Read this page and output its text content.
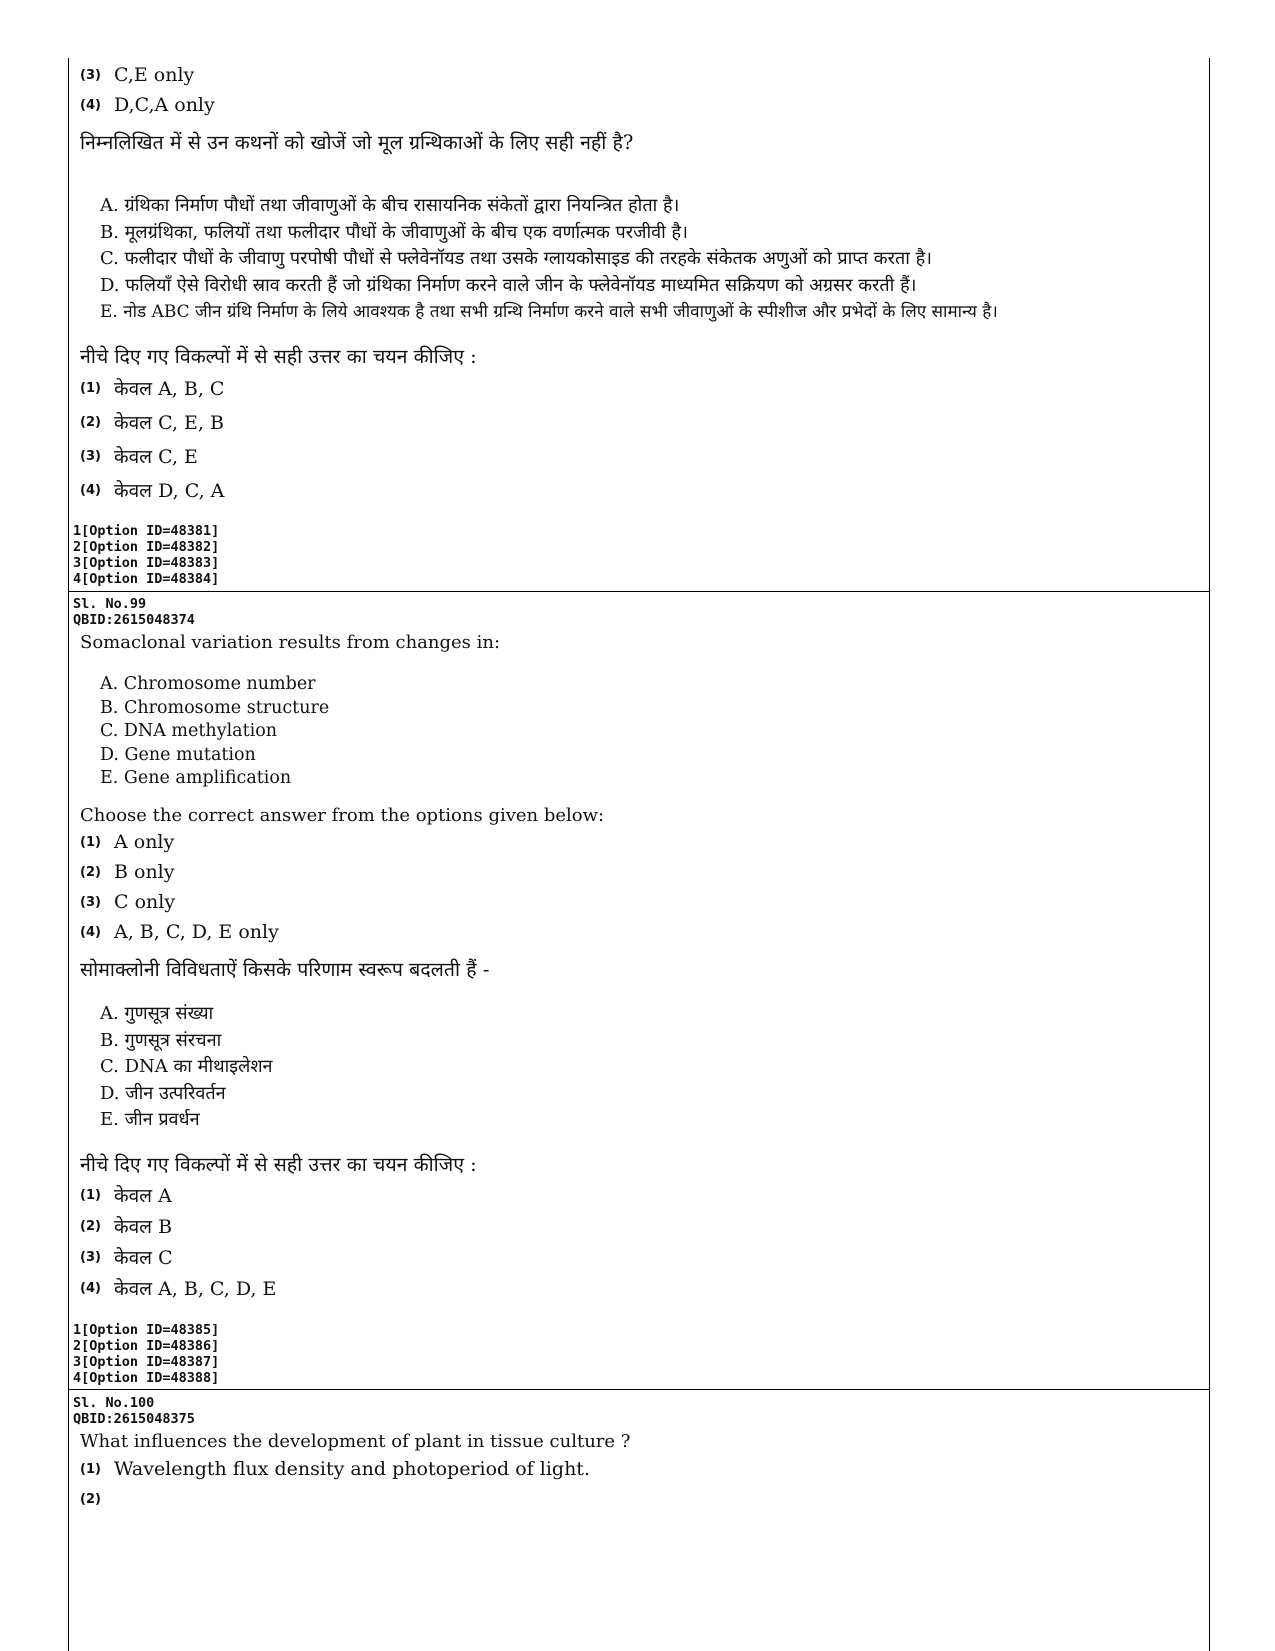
(3) C,E only
(4) D,C,A only
निम्नलिखित में से उन कथनों को खोजें जो मूल ग्रन्थिकाओं के लिए सही नहीं है?
A. ग्रंथिका निर्माण पौधों तथा जीवाणुओं के बीच रासायनिक संकेतों द्वारा नियन्त्रित होता है।
B. मूलग्रंथिका, फलियों तथा फलीदार पौधों के जीवाणुओं के बीच एक वर्णात्मक परजीवी है।
C. फलीदार पौधों के जीवाणु परपोषी पौधों से फ्लेवेनॉयड तथा उसके ग्लायकोसाइड की तरहके संकेतक अणुओं को प्राप्त करता है।
D. फलियाँ ऐसे विरोधी स्राव करती हैं जो ग्रंथिका निर्माण करने वाले जीन के फ्लेवेनॉयड माध्यमित सक्रियण को अग्रसर करती हैं।
E. नोड ABC जीन ग्रंथि निर्माण के लिये आवश्यक है तथा सभी ग्रन्थि निर्माण करने वाले सभी जीवाणुओं के स्पीशीज और प्रभेदों के लिए सामान्य है।
नीचे दिए गए विकल्पों में से सही उत्तर का चयन कीजिए :
(1) केवल A, B, C
(2) केवल C, E, B
(3) केवल C, E
(4) केवल D, C, A
1[Option ID=48381]
2[Option ID=48382]
3[Option ID=48383]
4[Option ID=48384]
Sl. No.99
QBID:2615048374
Somaclonal variation results from changes in:
A. Chromosome number
B. Chromosome structure
C. DNA methylation
D. Gene mutation
E. Gene amplification
Choose the correct answer from the options given below:
(1) A only
(2) B only
(3) C only
(4) A, B, C, D, E only
सोमाक्लोनी विविधताऐं किसके परिणाम स्वरूप बदलती हैं -
A. गुणसूत्र संख्या
B. गुणसूत्र संरचना
C. DNA का मीथाइलेशन
D. जीन उत्परिवर्तन
E. जीन प्रवर्धन
नीचे दिए गए विकल्पों में से सही उत्तर का चयन कीजिए :
(1) केवल A
(2) केवल B
(3) केवल C
(4) केवल A, B, C, D, E
1[Option ID=48385]
2[Option ID=48386]
3[Option ID=48387]
4[Option ID=48388]
Sl. No.100
QBID:2615048375
What influences the development of plant in tissue culture ?
(1) Wavelength flux density and photoperiod of light.
(2)
